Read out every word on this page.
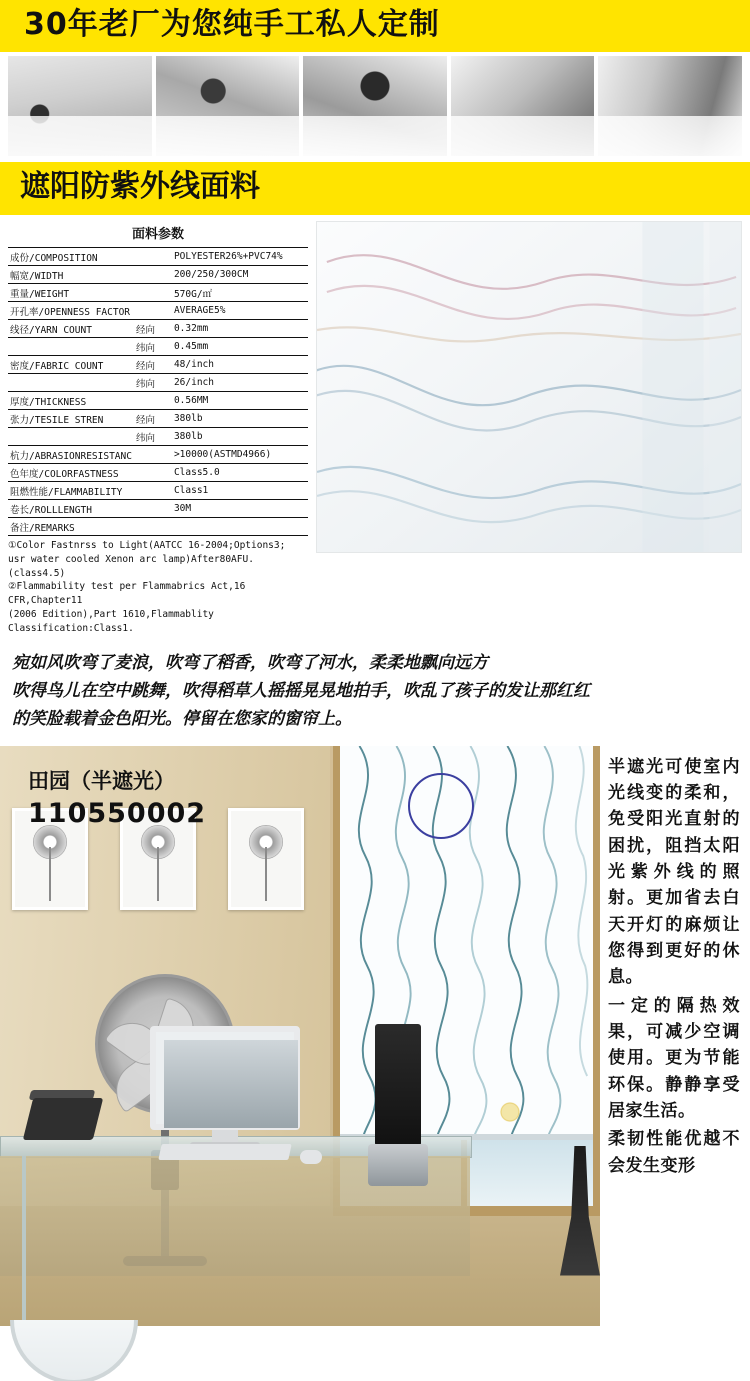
30年老厂为您纯手工私人定制
遮阳防紫外线面料
面料参数
成份/COMPOSITION		POLYESTER26%+PVC74%
幅宽/WIDTH		200/250/300CM
重量/WEIGHT		570G/㎡
开孔率/OPENNESS FACTOR		AVERAGE5%
线径/YARN COUNT	经向	0.32mm
	纬向	0.45mm
密度/FABRIC COUNT	经向	48/inch
	纬向	26/inch
厚度/THICKNESS		0.56MM
张力/TESILE STREN	经向	380lb
	纬向	380lb
杭力/ABRASIONRESISTANC		>10000(ASTMD4966)
色年度/COLORFASTNESS		Class5.0
阻燃性能/FLAMMABILITY		Class1
卷长/ROLLLENGTH		30M
备注/REMARKS		
①Color Fastnrss to Light(AATCC 16-2004;Options3;
usr water cooled Xenon arc lamp)After80AFU.(class4.5)
②Flammability test per Flammabrics Act,16 CFR,Chapter11
(2006 Edition),Part 1610,Flammablity Classification:Class1.
宛如风吹弯了麦浪，吹弯了稻香，吹弯了河水，柔柔地飘向远方
吹得鸟儿在空中跳舞，吹得稻草人摇摇晃晃地拍手，吹乱了孩子的发让那红红
的笑脸载着金色阳光。停留在您家的窗帘上。
田园（半遮光）
110550002

半遮光可使室内光线变的柔和，免受阳光直射的困扰，阻挡太阳光紫外线的照射。更加省去白天开灯的麻烦让您得到更好的休息。

一定的隔热效果，可减少空调使用。更为节能环保。静静享受居家生活。

柔韧性能优越不会发生变形
